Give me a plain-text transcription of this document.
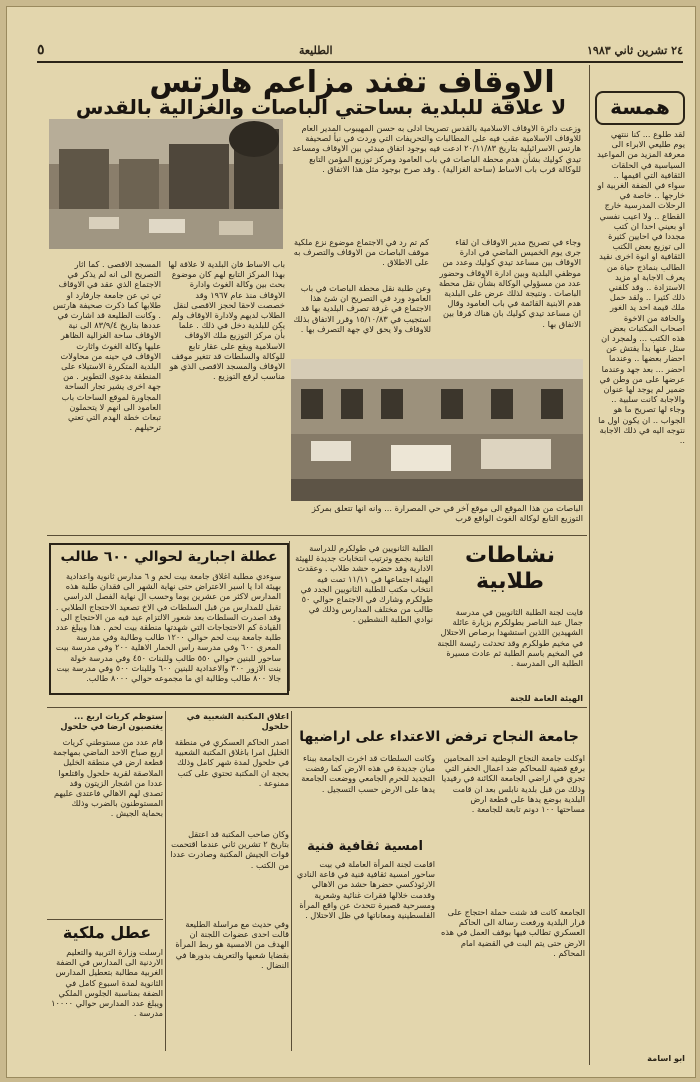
٢٤ تشرين ثاني ١٩٨٣
الطليعة
٥
الاوقاف تفند مزاعم هارتس
لا علاقة للبلدية بساحتي الباصات والغزالية بالقدس	همسة
لقد طلوع ... كنا ننتهي يوم طليعي الابراء الى معرفة المزيد من المواعيد السياسية في الحلقات الثقافية التي اقيمها .. سواء في الضفة الغربية او خارجها .. خاصة في الرحلات المدرسية خارج القطاع .. ولا اعيب نفسي او بعيني احدا ان كتب مجددا في احايين كثيرة الى توزيع بعض الكتب الثقافية او انوة اخرى نقيد الطالب بنماذج حياة من يعرف الاجابة او مزيد الاستزادة .. وقد كلفني ذلك كثيرا .. ولقد حمل ملك قيمة احد يد الغور والحافة من الاخوة اصحاب المكتبات بعض هذه الكتب ... ولمجرد ان سئل عنها بدأ يفتش عن احضار بعضها .. وعندما احضر ... بعد جهد وعندما عرضها على من وطن في ضمير لم يوجد لها عنوان والاجابة كانت سلبية .. وجاء لها تصريح ما هو الجواب .. ان يكون اول ما نتوجه اليه في ذلك الاجابة ..
ابو اسامة
وزعت دائرة الاوقاف الاسلامية بالقدس تصريحا ادلى به حسن المهيبوب المدير العام للاوقاف الاسلامية عقب فيه على المطالبات والتحريفات التي وردت في نبأ لصحيفة هارتس الاسرائيلية بتاريخ ٢٠/١١/٨٣ ادعت فيه بوجود اتفاق مبدئي بين الاوقاف ومساعد تيدي كوليك بشأن هدم محطة الباصات في باب العامود ومركز توزيع المؤمن التابع للوكالة قرب باب الاساط (ساحة الغزالية) . وقد صرح بوجود مثل هذا الاتفاق .
وجاء في تصريح مدير الاوقاف ان لقاء جرى يوم الخميس الماضي في ادارة الاوقاف بين مساعد تيدي كوليك وعدد من موظفي البلدية وبين ادارة الاوقاف وحضور عدد من مسؤولي الوكالة بشأن نقل محطة الباصات . ونتيجة لذلك عرض على البلدية هدم الابنية القائمة في باب العامود وقال ان مساعد تيدي كوليك بان هناك فرقا بين الاتفاق بها .
كم تم رد في الاجتماع موضوع نزع ملكية موقف الباصات من الاوقاف والتصرف به على الاطلاق .
وعن طلبة نقل محطة الباصات في باب العامود ورد في التصريح ان شئ هذا الاجتماع في غرفة تصرف البلدية بها قد استجيب في ١٥/١٠/٨٣ وقرر الاتفاق بذلك للاوقاف ولا يحق لاي جهة التصرف بها .
باب الاساط فان البلدية لا علاقة لها بهذا المركز التابع لهم كان موضوع بحث بين وكالة الغوث وادارة الاوقاف منذ عام ١٩٦٧ وقد خصصت لاحقا لحجز الاقصى لنقل الطلاب لديهم ولادارة الاوقاف ولم يكن للبلدية دخل في ذلك . علما بأن مركز التوزيع ملك الاوقاف الاسلامية ويقع على عقار تابع للوكالة والسلطات قد تتغير موقف الاوقاف والمسجد الاقصى الذي هو مناسب لرفع التوزيع .
المسجد الاقصى . كما اثار التصريح الى انه لم يذكر في الاجتماع الذي عقد في الاوقاف تي تي عن جامعة جارفارد او طلابها كما ذكرت صحيفة هارتس . وكانت الطليعة قد اشارت في عددها بتاريخ ٨٣/٩/٤ الى نية الاوقاف ساحة الغزالية الظاهر عليها وكالة الغوث واثارت الاوقاف في حينه من محاولات البلدية المتكررة الاستيلاء على المنطقة بدعوى التطوير . من جهة اخرى يشير تجار الساحة المجاورة لموقع الساحات باب العامود الى انهم لا يتحملون تبعات خطة الهدم التي تعني ترحيلهم .
الباصات من هذا الموقع الى موقع آخر في حي المصرارة ... وانه انها تتعلق بمركز التوزيع التابع لوكالة الغوث الواقع قرب
عطلة اجبارية لحوالي ٦٠٠ طالب
سوءدي مطلبة اغلاق جامعة بيت لحم و ٦ مدارس ثانوية واعدادية بهيئة ادا يا اسير الاعتراض حتى نهاية الشهر الى فقدان طلبة هذه المدارس لاكثر من عشرين يوما وحسب ال نهاية الفصل الدراسي تقبل للمدارس من قبل السلطات في الاخ تصعيد الاحتجاج الطلابي . وقد اصدرت السلطات بعد شعور الالتزام عيد فيه من الاحتجاج الى القيادة كم الاحتجاجات التي شهدتها منطقة بيت لحم . هذا ويبلغ عدد طلبة جامعة بيت لحم حوالي ١٢٠٠ طالب وطالبة وفي مدرسة المعري ٦٠٠ وفي مدرسة راس الحمار الاهلية ٢٠٠ وفي مدرسة بيت ساحور للبنين حوالي ٥٥٠ طالب وللبنات ٤٥٠ وفي مدرسة خولة بنت الازور ٣٠٠ والاعدادية للبنين ٦٠٠ وللبنات ٥٠٠ وفي مدرسة بيت جالا ٨٠٠ طالب وطالبة اي ما مجموعه حوالي ٨٠٠٠ طالب.
الطلبة الثانويين في طولكرم للدراسة الثانية بجمع وترتيب انتخابات جديدة للهيئة الادارية وقد حضره حشد طلاب . وعقدت الهيئة اجتماعها في ١١/١١ تمت فيه انتخاب مكتب للطلبة الثانويين الجدد في طولكرم وشارك في الاجتماع حوالي ٥٠ طالب من مختلف المدارس وذلك في نوادي الطلبة النشطين .
نشاطات طلابية
فايت لجنة الطلبة الثانويين في مدرسة جمال عبد الناصر بطولكرم بزيارة عائلة الشهيدين اللذين استشهدا برصاص الاحتلال في مخيم طولكرم وقد تحدثت رئيسة اللجنة في المخيم باسم الطلبة ثم عادت مسيرة الطلبة الى المدرسة .
الهيئة العامة للجنة
ستوظم كريات اربع ... يغتصبون ارضا في حلحول
قام عدد من مستوطني كريات اربع صباح الاحد الماضي بمهاجمة قطعة ارض في منطقة الخليل الملاصقة لقرية حلحول واقتلعوا عددا من اشجار الزيتون وقد تصدى لهم الاهالي فاعتدى عليهم المستوطنون بالضرب وذلك بحماية الجيش .
اعلاق المكتبة الشعبية في حلحول
اصدر الحاكم العسكري في منطقة الخليل امرا باغلاق المكتبة الشعبية في حلحول لمدة شهر كامل وذلك بحجة ان المكتبة تحتوي على كتب ممنوعة .
وكان صاحب المكتبة قد اعتقل بتاريخ ٢ تشرين ثاني عندما اقتحمت قوات الجيش المكتبة وصادرت عددا من الكتب .
عطل ملكية
ارسلت وزارة التربية والتعليم الاردنية الى المدارس في الضفة الغربية مطالبة بتعطيل المدارس الثانوية لمدة اسبوع كامل في الضفة بمناسبة الجلوس الملكي ويبلغ عدد المدارس حوالي ١٠٠٠٠ مدرسة .
وفي حديث مع مراسلة الطليعة قالت احدى عضوات اللجنة ان الهدف من الامسية هو ربط المرأة بقضايا شعبها والتعريف بدورها في النضال .
جامعة النجاح ترفض الاعتداء على اراضيها
اوكلت جامعة النجاح الوطنية احد المحامين برفع قضية للمحاكم ضد اعمال الحفر التي تجري في اراضي الجامعة الكائنة في رفيديا وذلك من قبل بلدية نابلس بعد ان قامت البلدية بوضع يدها على قطعة ارض مساحتها ١٠٠ دونم تابعة للجامعة .
وكانت السلطات قد اخرت الجامعة ببناء مبان جديدة في هذه الارض كما رفضت التجديد للحرم الجامعي ووضعت الجامعة يدها على الارض حسب التسجيل .
الجامعة كانت قد شنت حملة احتجاج على قرار البلدية ورفعت رسالة الى الحاكم العسكري تطالب فيها بوقف العمل في هذه الارض حتى يتم البت في القضية امام المحاكم .
امسية ثقافية فنية
اقامت لجنة المرأة العاملة في بيت ساحور امسية ثقافية فنية في قاعة النادي الارثوذكسي حضرها حشد من الاهالي وقدمت خلالها فقرات غنائية وشعرية ومسرحية قصيرة تتحدث عن واقع المرأة الفلسطينية ومعاناتها في ظل الاحتلال .
